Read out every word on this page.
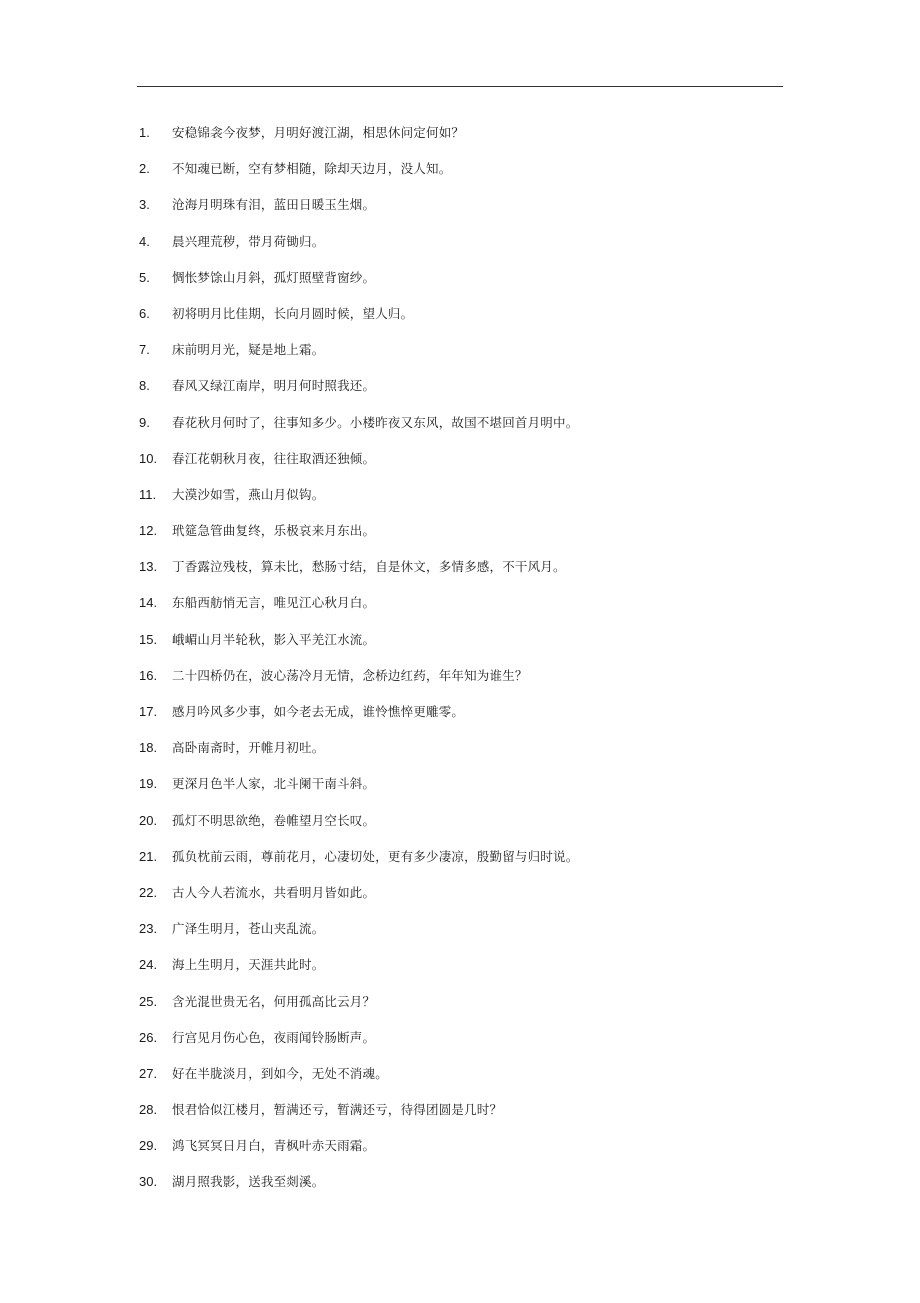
1.	安稳锦衾今夜梦，月明好渡江湖，相思休问定何如？
2.	不知魂已断，空有梦相随，除却天边月，没人知。
3.	沧海月明珠有泪，蓝田日暖玉生烟。
4.	晨兴理荒秽，带月荷锄归。
5.	惆怅梦馀山月斜，孤灯照壁背窗纱。
6.	初将明月比佳期，长向月圆时候，望人归。
7.	床前明月光，疑是地上霜。
8.	春风又绿江南岸，明月何时照我还。
9.	春花秋月何时了，往事知多少。小楼昨夜又东风，故国不堪回首月明中。
10.	春江花朝秋月夜，往往取酒还独倾。
11.	大漠沙如雪，燕山月似钩。
12.	玳筵急管曲复终，乐极哀来月东出。
13.	丁香露泣残枝，算未比，愁肠寸结，自是休文，多情多感，不干风月。
14.	东船西舫悄无言，唯见江心秋月白。
15.	峨嵋山月半轮秋，影入平羌江水流。
16.	二十四桥仍在，波心荡冷月无情，念桥边红药，年年知为谁生？
17.	感月吟风多少事，如今老去无成，谁怜憔悴更雕零。
18.	高卧南斋时，开帷月初吐。
19.	更深月色半人家，北斗阑干南斗斜。
20.	孤灯不明思欲绝，卷帷望月空长叹。
21.	孤负枕前云雨，尊前花月，心凄切处，更有多少凄凉，殷勤留与归时说。
22.	古人今人若流水，共看明月皆如此。
23.	广泽生明月，苍山夹乱流。
24.	海上生明月，天涯共此时。
25.	含光混世贵无名，何用孤高比云月？
26.	行宫见月伤心色，夜雨闻铃肠断声。
27.	好在半胧淡月，到如今，无处不消魂。
28.	恨君恰似江楼月，暂满还亏，暂满还亏，待得团圆是几时？
29.	鸿飞冥冥日月白，青枫叶赤天雨霜。
30.	湖月照我影，送我至剡溪。
